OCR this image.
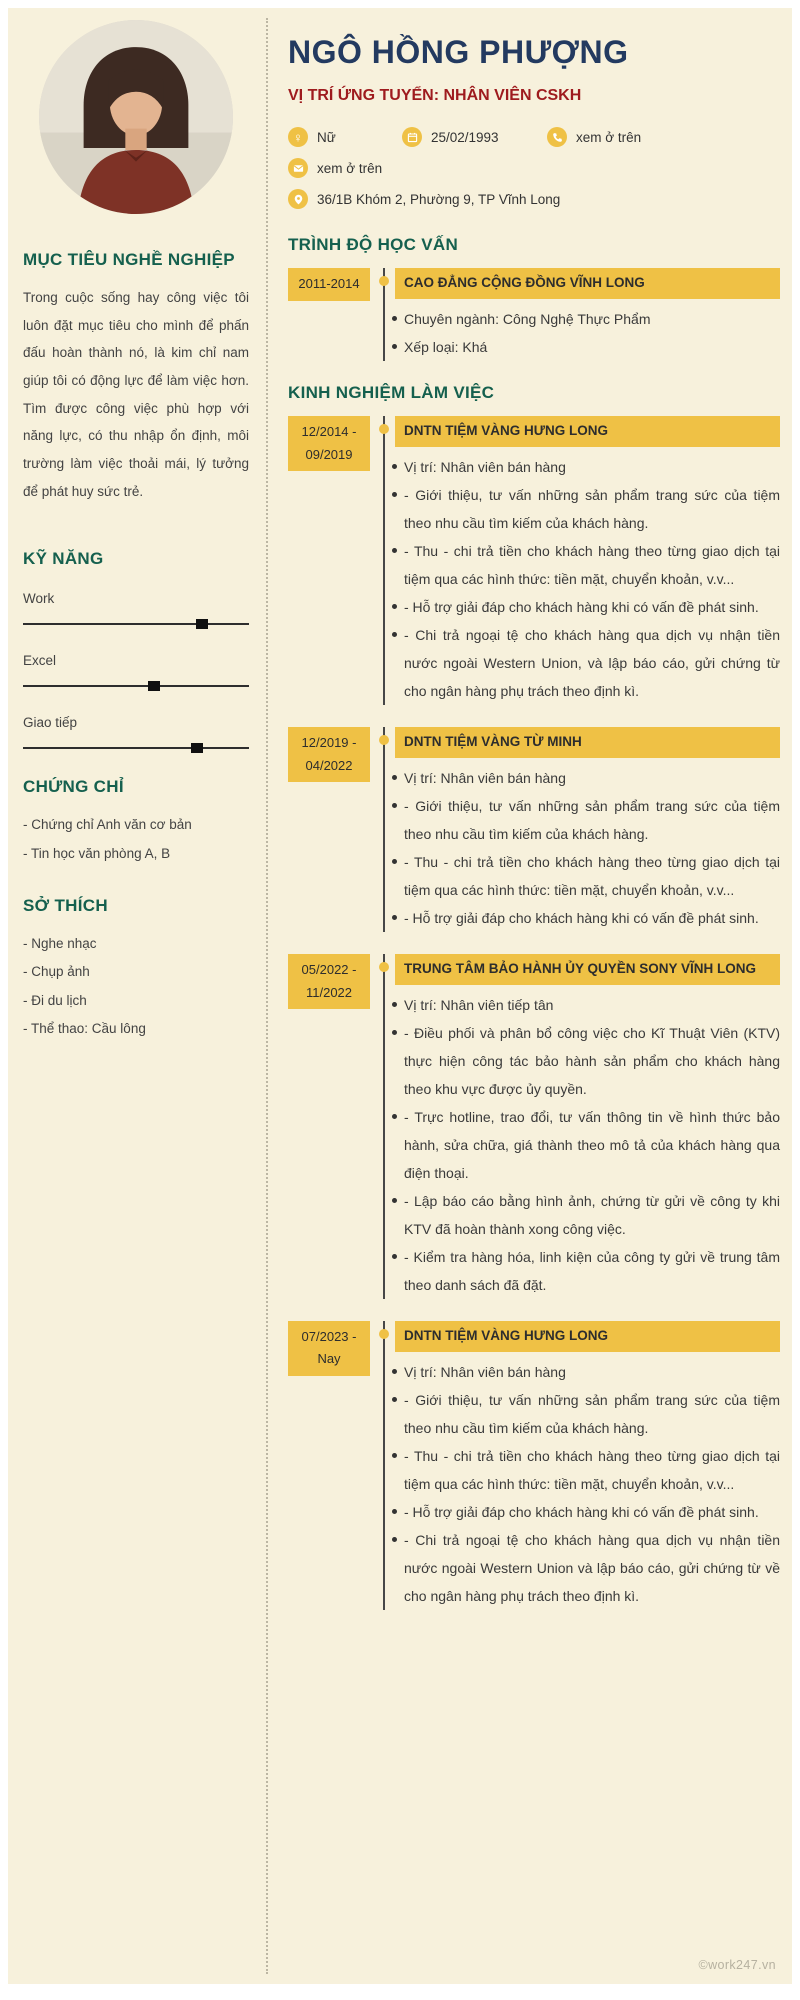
MỤC TIÊU NGHỀ NGHIỆP

Trong cuộc sống hay công việc tôi luôn đặt mục tiêu cho mình để phấn đấu hoàn thành nó, là kim chỉ nam giúp tôi có động lực để làm việc hơn. Tìm được công việc phù hợp với năng lực, có thu nhập ổn định, môi trường làm việc thoải mái, lý tưởng để phát huy sức trẻ.

KỸ NĂNG
Work
Excel
Giao tiếp
CHỨNG CHỈ
- Chứng chỉ Anh văn cơ bản
- Tin học văn phòng A, B
SỞ THÍCH
- Nghe nhạc
- Chụp ảnh
- Đi du lịch
- Thể thao: Cầu lông
NGÔ HỒNG PHƯỢNG
VỊ TRÍ ỨNG TUYỂN: NHÂN VIÊN CSKH
♀	Nữ	25/02/1993	xem ở trên
xem ở trên
36/1B Khóm 2, Phường 9, TP Vĩnh Long
TRÌNH ĐỘ HỌC VẤN
2011-2014	CAO ĐẲNG CỘNG ĐỒNG VĨNH LONG
Chuyên ngành: Công Nghệ Thực Phẩm
Xếp loại: Khá
KINH NGHIỆM LÀM VIỆC
12/2014 -
09/2019
DNTN TIỆM VÀNG HƯNG LONG
Vị trí: Nhân viên bán hàng
- Giới thiệu, tư vấn những sản phẩm trang sức của tiệm theo nhu cầu tìm kiếm của khách hàng.
- Thu - chi trả tiền cho khách hàng theo từng giao dịch tại tiệm qua các hình thức: tiền mặt, chuyển khoản, v.v...
- Hỗ trợ giải đáp cho khách hàng khi có vấn đề phát sinh.
- Chi trả ngoại tệ cho khách hàng qua dịch vụ nhận tiền nước ngoài Western Union, và lập báo cáo, gửi chứng từ cho ngân hàng phụ trách theo định kì.
12/2019 -
04/2022
DNTN TIỆM VÀNG TỪ MINH
Vị trí: Nhân viên bán hàng
- Giới thiệu, tư vấn những sản phẩm trang sức của tiệm theo nhu cầu tìm kiếm của khách hàng.
- Thu - chi trả tiền cho khách hàng theo từng giao dịch tại tiệm qua các hình thức: tiền mặt, chuyển khoản, v.v...
- Hỗ trợ giải đáp cho khách hàng khi có vấn đề phát sinh.
05/2022 -
11/2022
TRUNG TÂM BẢO HÀNH ỦY QUYỀN SONY VĨNH LONG
Vị trí: Nhân viên tiếp tân
- Điều phối và phân bổ công việc cho Kĩ Thuật Viên (KTV) thực hiện công tác bảo hành sản phẩm cho khách hàng theo khu vực được ủy quyền.
- Trực hotline, trao đổi, tư vấn thông tin về hình thức bảo hành, sửa chữa, giá thành theo mô tả của khách hàng qua điện thoại.
- Lập báo cáo bằng hình ảnh, chứng từ gửi về công ty khi KTV đã hoàn thành xong công việc.
- Kiểm tra hàng hóa, linh kiện của công ty gửi về trung tâm theo danh sách đã đặt.
07/2023 -
Nay
DNTN TIỆM VÀNG HƯNG LONG
Vị trí: Nhân viên bán hàng
- Giới thiệu, tư vấn những sản phẩm trang sức của tiệm theo nhu cầu tìm kiếm của khách hàng.
- Thu - chi trả tiền cho khách hàng theo từng giao dịch tại tiệm qua các hình thức: tiền mặt, chuyển khoản, v.v...
- Hỗ trợ giải đáp cho khách hàng khi có vấn đề phát sinh.
- Chi trả ngoại tệ cho khách hàng qua dịch vụ nhận tiền nước ngoài Western Union và lập báo cáo, gửi chứng từ về cho ngân hàng phụ trách theo định kì.
©work247.vn
